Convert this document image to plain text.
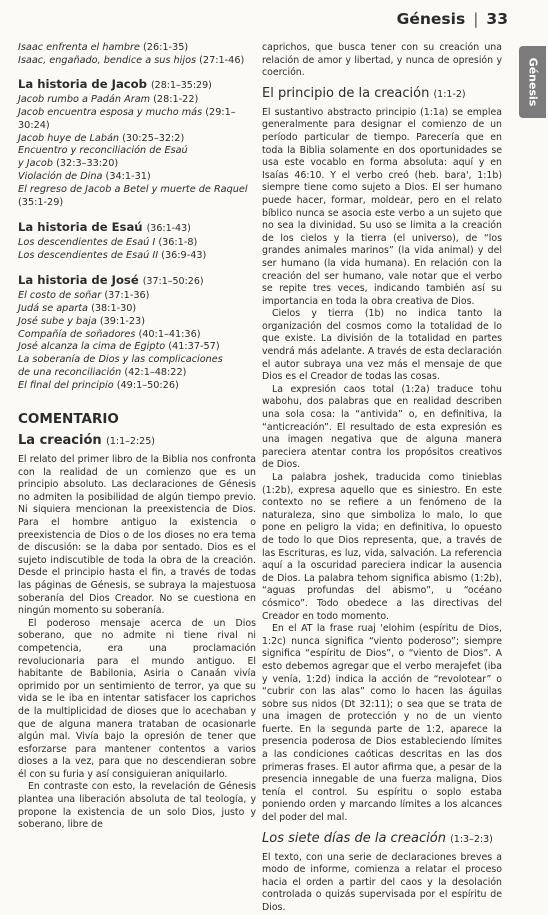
Génesis | 33
Génesis
Isaac enfrenta el hambre (26:1-35)
Isaac, engañado, bendice a sus hijos (27:1-46)
La historia de Jacob (28:1–35:29)
Jacob rumbo a Padán Aram (28:1-22)
Jacob encuentra esposa y mucho más (29:1–30:24)
Jacob huye de Labán (30:25–32:2)
Encuentro y reconciliación de Esaú
y Jacob (32:3–33:20)
Violación de Dina (34:1-31)
El regreso de Jacob a Betel y muerte de Raquel (35:1-29)
La historia de Esaú (36:1-43)
Los descendientes de Esaú I (36:1-8)
Los descendientes de Esaú II (36:9-43)
La historia de José (37:1–50:26)
El costo de soñar (37:1-36)
Judá se aparta (38:1-30)
José sube y baja (39:1-23)
Compañía de soñadores (40:1–41:36)
José alcanza la cima de Egipto (41:37-57)
La soberanía de Dios y las complicaciones
de una reconciliación (42:1–48:22)
El final del principio (49:1–50:26)
COMENTARIO
La creación (1:1–2:25)

El relato del primer libro de la Biblia nos confronta con la realidad de un comienzo que es un principio absoluto. Las declaraciones de Génesis no admiten la posibilidad de algún tiempo previo. Ni siquiera mencionan la preexistencia de Dios. Para el hombre antiguo la existencia o preexistencia de Dios o de los dioses no era tema de discusión: se la daba por sentado. Dios es el sujeto indiscutible de toda la obra de la creación. Desde el principio hasta el fin, a través de todas las páginas de Génesis, se subraya la majestuosa soberanía del Dios Creador. No se cuestiona en ningún momento su soberanía.

El poderoso mensaje acerca de un Dios soberano, que no admite ni tiene rival ni competencia, era una proclamación revolucionaria para el mundo antiguo. El habitante de Babilonia, Asiria o Canaán vivía oprimido por un sentimiento de terror, ya que su vida se le iba en intentar satisfacer los caprichos de la multiplicidad de dioses que lo acechaban y que de alguna manera trataban de ocasionarle algún mal. Vivía bajo la opresión de tener que esforzarse para mantener contentos a varios dioses a la vez, para que no descendieran sobre él con su furia y así consiguieran aniquilarlo.

En contraste con esto, la revelación de Génesis plantea una liberación absoluta de tal teología, y propone la existencia de un solo Dios, justo y soberano, libre de

caprichos, que busca tener con su creación una relación de amor y libertad, y nunca de opresión y coerción.

El principio de la creación (1:1-2)

El sustantivo abstracto principio (1:1a) se emplea generalmente para designar el comienzo de un período particular de tiempo. Parecería que en toda la Biblia solamente en dos oportunidades se usa este vocablo en forma absoluta: aquí y en Isaías 46:10. Y el verbo creó (heb. bara', 1:1b) siempre tiene como sujeto a Dios. El ser humano puede hacer, formar, moldear, pero en el relato bíblico nunca se asocia este verbo a un sujeto que no sea la divinidad. Su uso se limita a la creación de los cielos y la tierra (el universo), de “los grandes animales marinos” (la vida animal) y del ser humano (la vida humana). En relación con la creación del ser humano, vale notar que el verbo se repite tres veces, indicando también así su importancia en toda la obra creativa de Dios.

Cielos y tierra (1b) no indica tanto la organización del cosmos como la totalidad de lo que existe. La división de la totalidad en partes vendrá más adelante. A través de esta declaración el autor subraya una vez más el mensaje de que Dios es el Creador de todas las cosas.

La expresión caos total (1:2a) traduce tohu wabohu, dos palabras que en realidad describen una sola cosa: la “antivida” o, en definitiva, la “anticreación”. El resultado de esta expresión es una imagen negativa que de alguna manera pareciera atentar contra los propósitos creativos de Dios.

La palabra joshek, traducida como tinieblas (1:2b), expresa aquello que es siniestro. En este contexto no se refiere a un fenómeno de la naturaleza, sino que simboliza lo malo, lo que pone en peligro la vida; en definitiva, lo opuesto de todo lo que Dios representa, que, a través de las Escrituras, es luz, vida, salvación. La referencia aquí a la oscuridad pareciera indicar la ausencia de Dios. La palabra tehom significa abismo (1:2b), “aguas profundas del abismo”, u “océano cósmico”. Todo obedece a las directivas del Creador en todo momento.

En el AT la frase ruaj 'elohim (espíritu de Dios, 1:2c) nunca significa “viento poderoso”; siempre significa “espíritu de Dios”, o “viento de Dios”. A esto debemos agregar que el verbo merajefet (iba y venía, 1:2d) indica la acción de “revolotear” o “cubrir con las alas” como lo hacen las águilas sobre sus nidos (Dt 32:11); o sea que se trata de una imagen de protección y no de un viento fuerte. En la segunda parte de 1:2, aparece la presencia poderosa de Dios estableciendo límites a las condiciones caóticas descritas en las dos primeras frases. El autor afirma que, a pesar de la presencia innegable de una fuerza maligna, Dios tenía el control. Su espíritu o soplo estaba poniendo orden y marcando límites a los alcances del poder del mal.

Los siete días de la creación (1:3–2:3)

El texto, con una serie de declaraciones breves a modo de informe, comienza a relatar el proceso hacia el orden a partir del caos y la desolación controlada o quizás supervisada por el espíritu de Dios.
